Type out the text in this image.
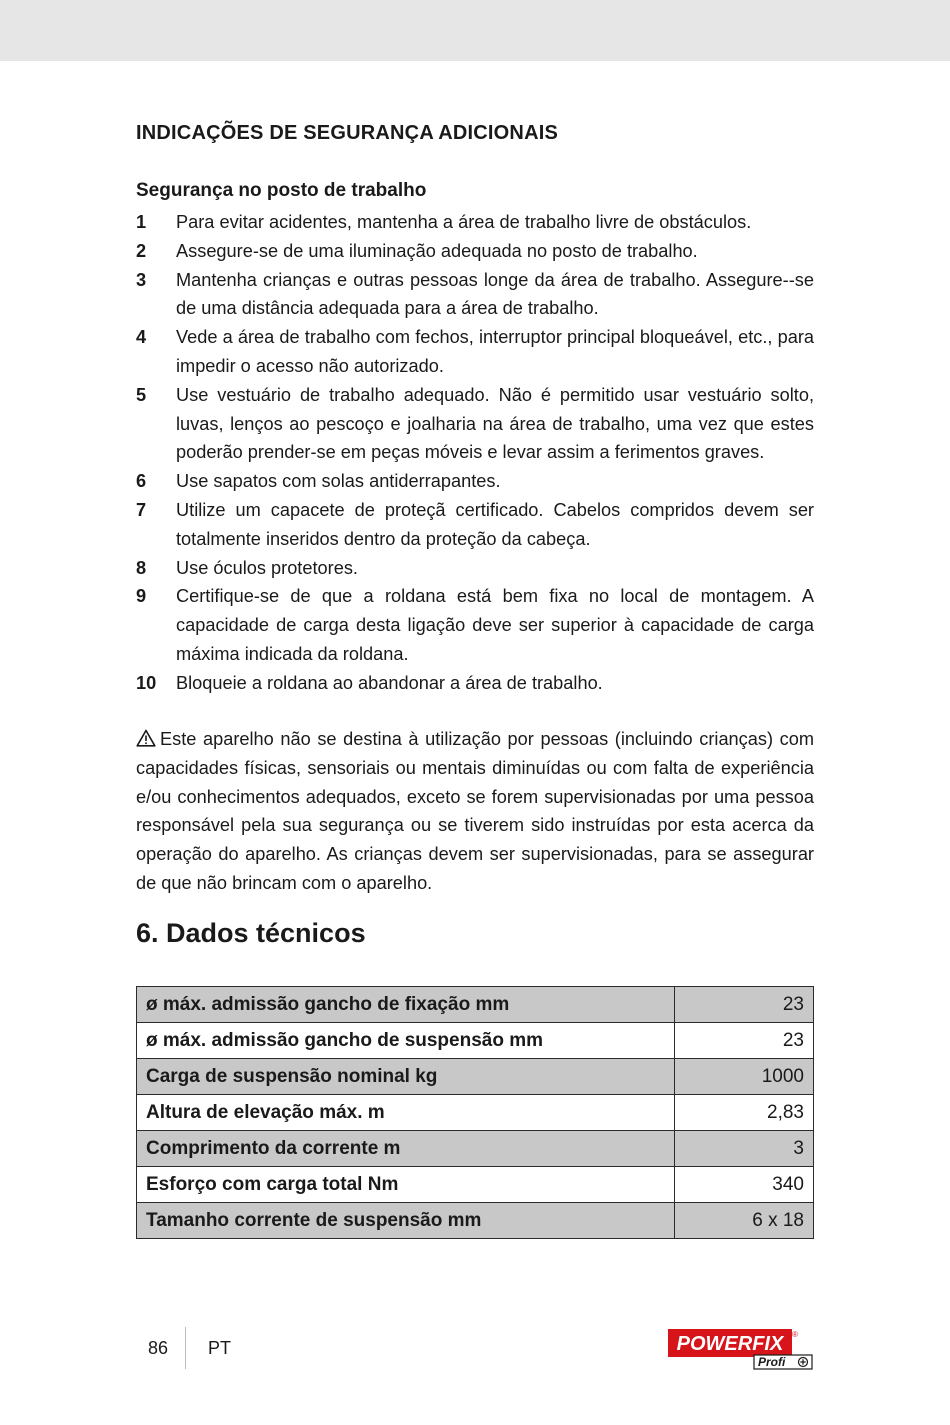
INDICAÇÕES DE SEGURANÇA ADICIONAIS
Segurança no posto de trabalho
1 Para evitar acidentes, mantenha a área de trabalho livre de obstáculos.
2 Assegure-se de uma iluminação adequada no posto de trabalho.
3 Mantenha crianças e outras pessoas longe da área de trabalho. Assegure--se de uma distância adequada para a área de trabalho.
4 Vede a área de trabalho com fechos, interruptor principal bloqueável, etc., para impedir o acesso não autorizado.
5 Use vestuário de trabalho adequado. Não é permitido usar vestuário solto, luvas, lenços ao pescoço e joalharia na área de trabalho, uma vez que estes poderão prender-se em peças móveis e levar assim a ferimentos graves.
6 Use sapatos com solas antiderrapantes.
7 Utilize um capacete de proteçã certificado. Cabelos compridos devem ser totalmente inseridos dentro da proteção da cabeça.
8 Use óculos protetores.
9 Certifique-se de que a roldana está bem fixa no local de montagem. A capacidade de carga desta ligação deve ser superior à capacidade de carga máxima indicada da roldana.
10 Bloqueie a roldana ao abandonar a área de trabalho.

Este aparelho não se destina à utilização por pessoas (incluindo crianças) com capacidades físicas, sensoriais ou mentais diminuídas ou com falta de experiência e/ou conhecimentos adequados, exceto se forem supervisionadas por uma pessoa responsável pela sua segurança ou se tiverem sido instruídas por esta acerca da operação do aparelho. As crianças devem ser supervisionadas, para se assegurar de que não brincam com o aparelho.

6. Dados técnicos
ø máx. admissão gancho de fixação mm	23
ø máx. admissão gancho de suspensão mm	23
Carga de suspensão nominal kg	1000
Altura de elevação máx. m	2,83
Comprimento da corrente m	3
Esforço com carga total Nm	340
Tamanho corrente de suspensão mm	6 x 18
86 PT	POWERFIX ®
Profi
